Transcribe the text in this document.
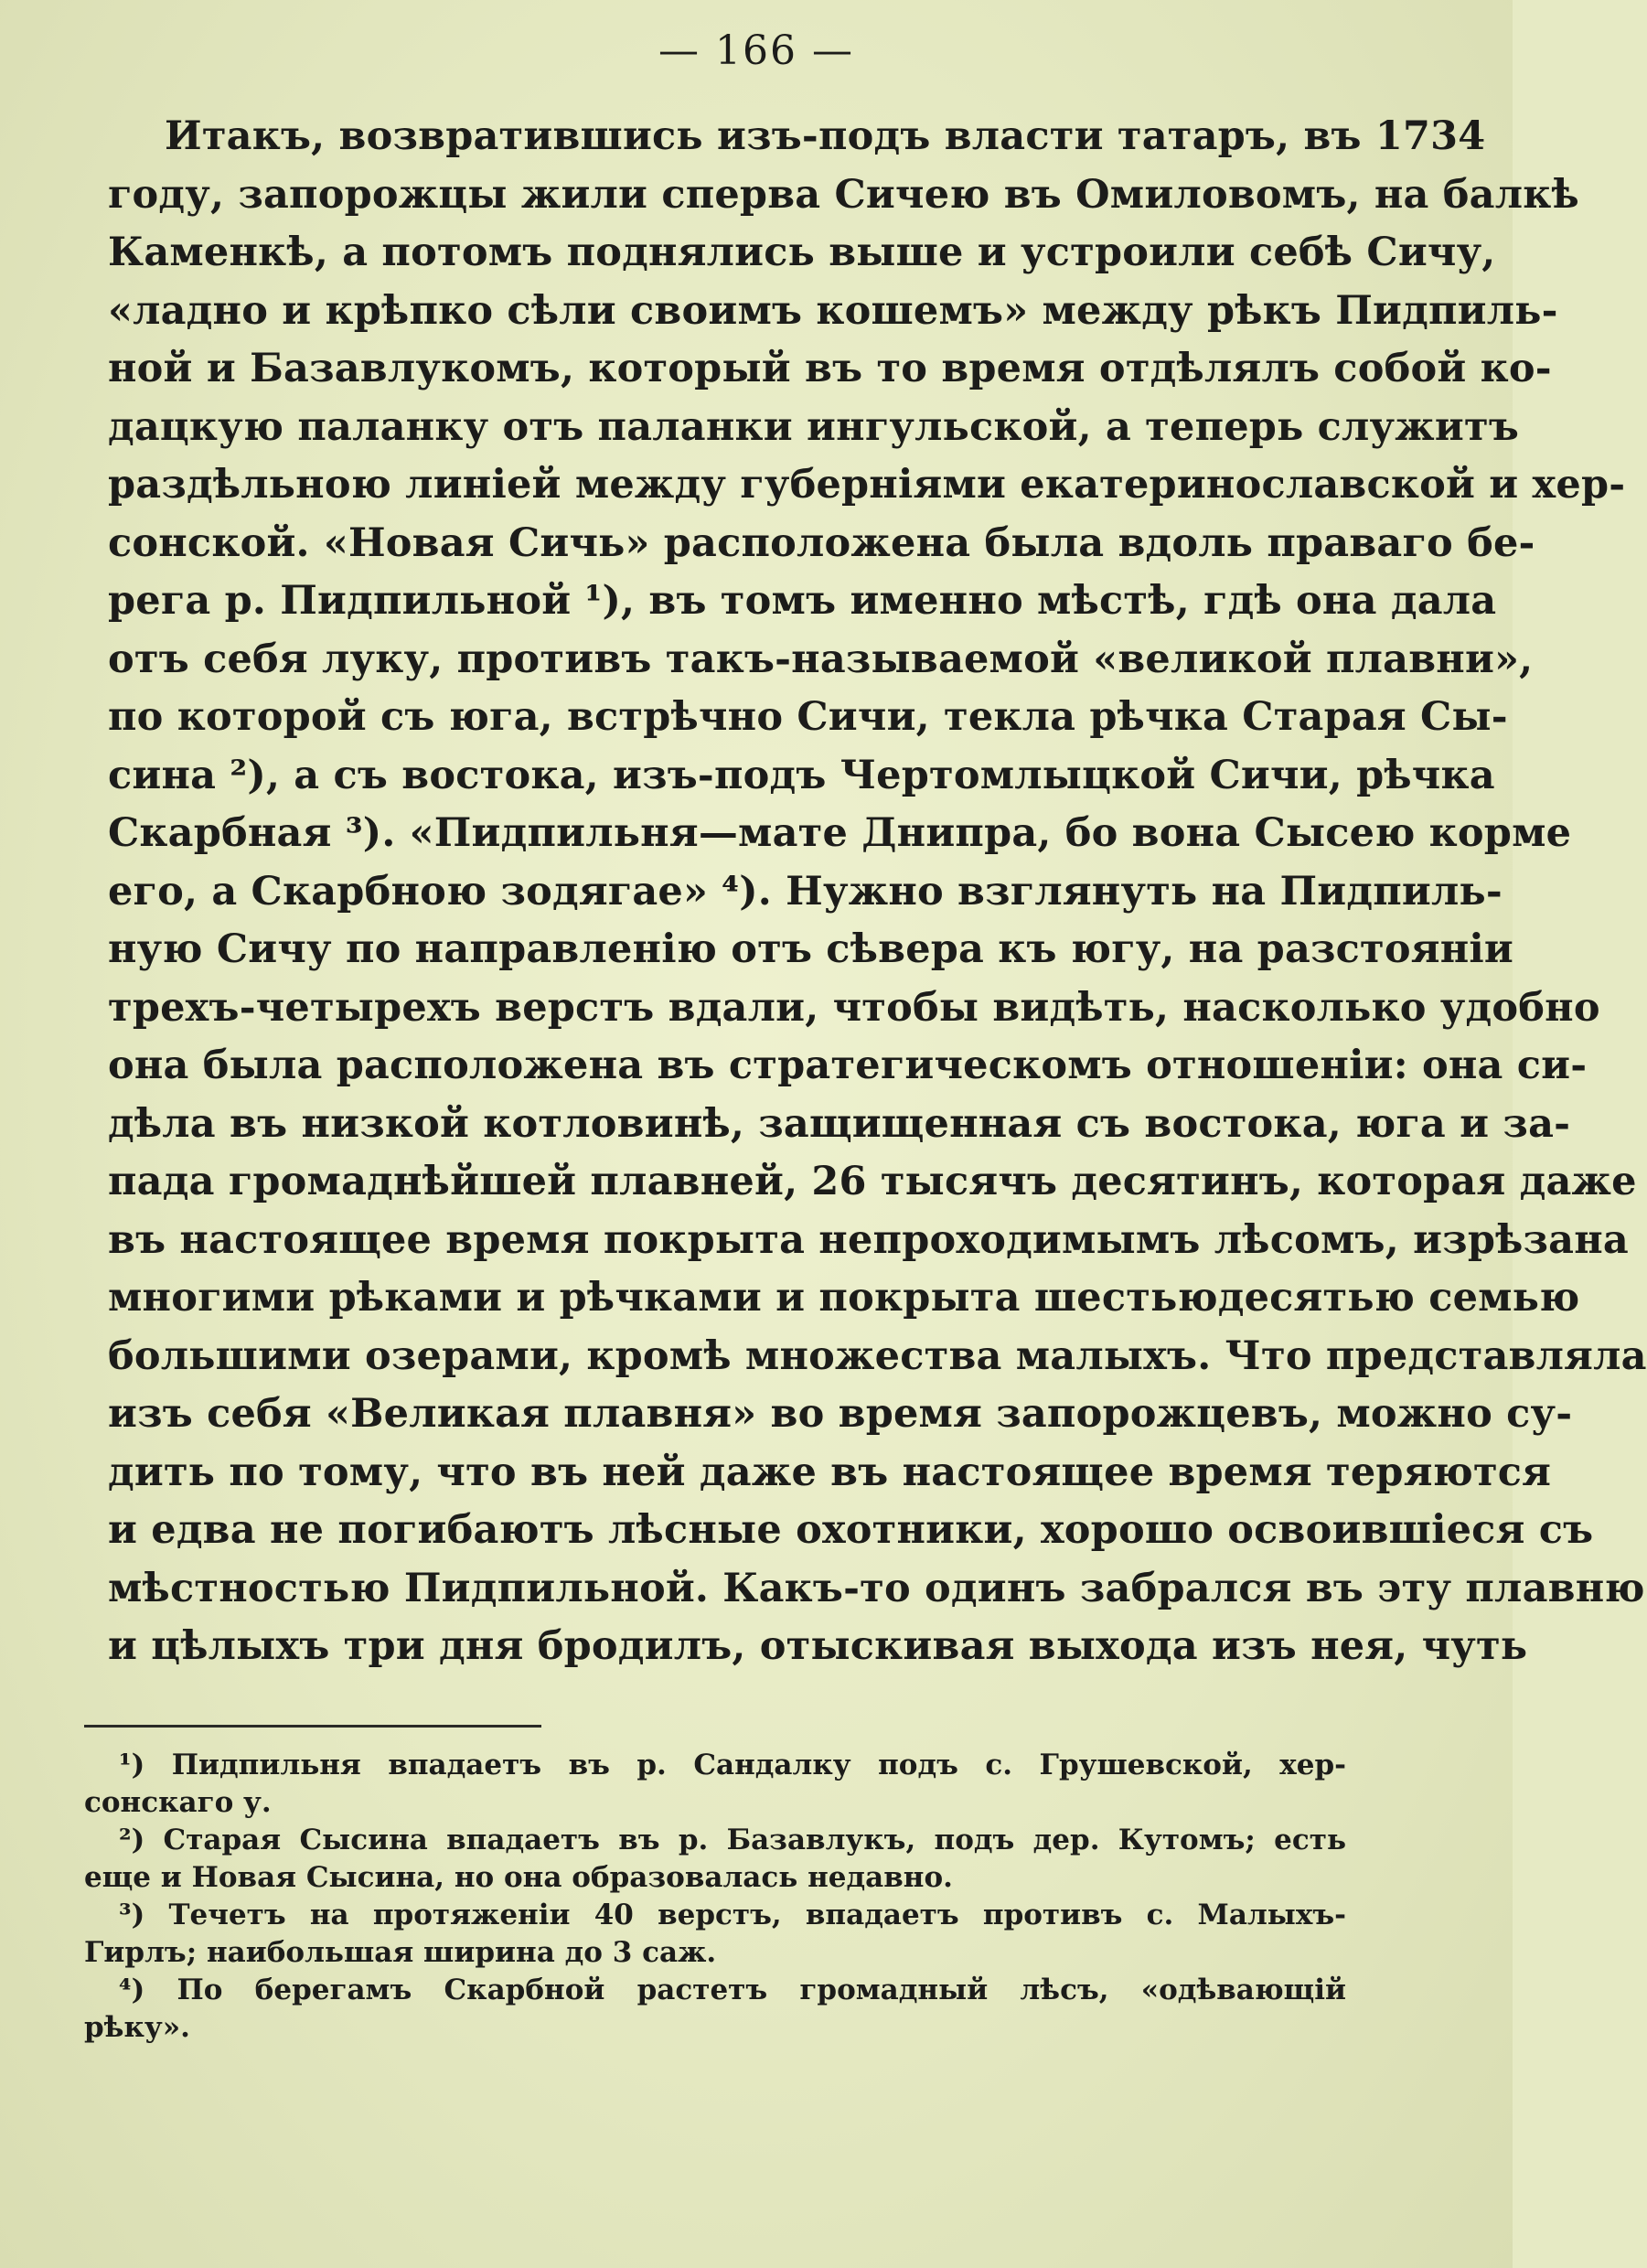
— 166 —
Итакъ, возвратившись изъ-подъ власти татаръ, въ 1734
году, запорожцы жили сперва Сичею въ Омиловомъ, на балкѣ
Каменкѣ, а потомъ поднялись выше и устроили себѣ Сичу,
«ладно и крѣпко сѣли своимъ кошемъ» между рѣкъ Пидпиль-
ной и Базавлукомъ, который въ то время отдѣлялъ собой ко-
дацкую паланку отъ паланки ингульской, а теперь служитъ
раздѣльною линіей между губерніями екатеринославской и хер-
сонской. «Новая Сичь» расположена была вдоль праваго бе-
рега р. Пидпильной ¹), въ томъ именно мѣстѣ, гдѣ она дала
отъ себя луку, противъ такъ-называемой «великой плавни»,
по которой съ юга, встрѣчно Сичи, текла рѣчка Старая Сы-
сина ²), а съ востока, изъ-подъ Чертомлыцкой Сичи, рѣчка
Скарбная ³). «Пидпильня—мате Днипра, бо вона Сысею корме
его, а Скарбною зодягае» ⁴). Нужно взглянуть на Пидпиль-
ную Сичу по направленію отъ сѣвера къ югу, на разстояніи
трехъ-четырехъ верстъ вдали, чтобы видѣть, насколько удобно
она была расположена въ стратегическомъ отношеніи: она си-
дѣла въ низкой котловинѣ, защищенная съ востока, юга и за-
пада громаднѣйшей плавней, 26 тысячъ десятинъ, которая даже
въ настоящее время покрыта непроходимымъ лѣсомъ, изрѣзана
многими рѣками и рѣчками и покрыта шестьюдесятью семью
большими озерами, кромѣ множества малыхъ. Что представляла
изъ себя «Великая плавня» во время запорожцевъ, можно су-
дить по тому, что въ ней даже въ настоящее время теряются
и едва не погибаютъ лѣсные охотники, хорошо освоившіеся съ
мѣстностью Пидпильной. Какъ-то одинъ забрался въ эту плавню
и цѣлыхъ три дня бродилъ, отыскивая выхода изъ нея, чуть
¹) Пидпильня впадаетъ въ р. Сандалку подъ с. Грушевской, хер-
сонскаго у.
²) Старая Сысина впадаетъ въ р. Базавлукъ, подъ дер. Кутомъ; есть
еще и Новая Сысина, но она образовалась недавно.
³) Течетъ на протяженіи 40 верстъ, впадаетъ противъ с. Малыхъ-
Гирлъ; наибольшая ширина до 3 саж.
⁴) По берегамъ Скарбной растетъ громадный лѣсъ, «одѣвающій
рѣку».
